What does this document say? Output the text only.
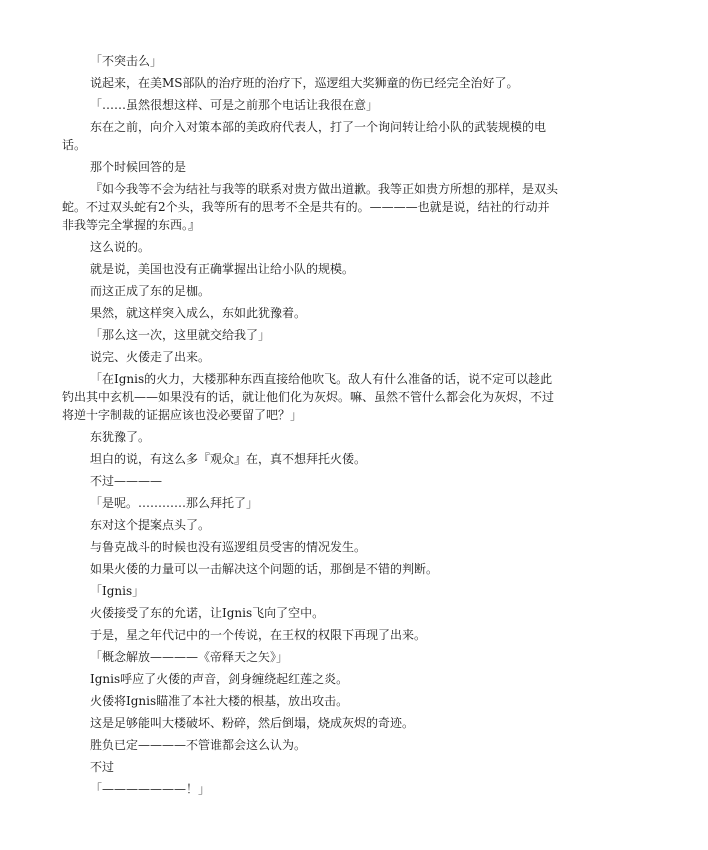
「不突击么」

说起来，在美MS部队的治疗班的治疗下，巡逻组大奖狮童的伤已经完全治好了。

「……虽然很想这样、可是之前那个电话让我很在意」

东在之前，向介入对策本部的美政府代表人，打了一个询问转让给小队的武装规模的电话。

那个时候回答的是

『如今我等不会为结社与我等的联系对贵方做出道歉。我等正如贵方所想的那样，是双头蛇。不过双头蛇有2个头，我等所有的思考不全是共有的。————也就是说，结社的行动并非我等完全掌握的东西。』

这么说的。

就是说，美国也没有正确掌握出让给小队的规模。

而这正成了东的足枷。

果然，就这样突入成么，东如此犹豫着。

「那么这一次，这里就交给我了」

说完、火倭走了出来。

「在Ignis的火力，大楼那种东西直接给他吹飞。敌人有什么准备的话，说不定可以趁此钓出其中玄机——如果没有的话，就让他们化为灰烬。嘛、虽然不管什么都会化为灰烬，不过将逆十字制裁的证据应该也没必要留了吧？」

东犹豫了。

坦白的说，有这么多『观众』在，真不想拜托火倭。

不过————

「是呢。…………那么拜托了」

东对这个提案点头了。

与鲁克战斗的时候也没有巡逻组员受害的情况发生。

如果火倭的力量可以一击解决这个问题的话，那倒是不错的判断。

「Ignis」

火倭接受了东的允诺，让Ignis飞向了空中。

于是，星之年代记中的一个传说，在王权的权限下再现了出来。

「概念解放————《帝释天之矢》」

Ignis呼应了火倭的声音，剑身缠绕起红莲之炎。

火倭将Ignis瞄准了本社大楼的根基，放出攻击。

这是足够能叫大楼破坏、粉碎，然后倒塌，烧成灰烬的奇迹。

胜负已定————不管谁都会这么认为。

不过

「———————！」
